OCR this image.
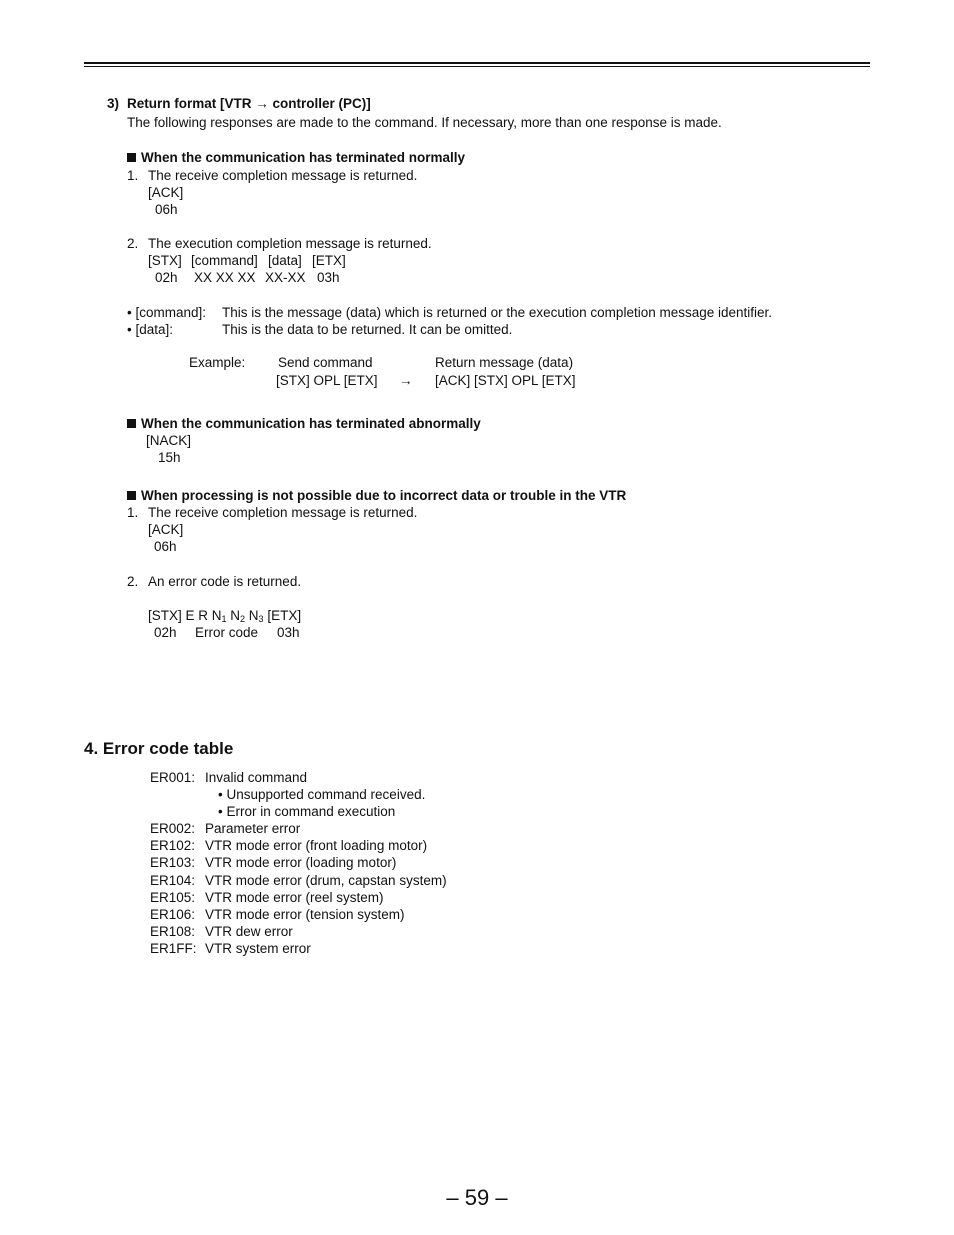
3) Return format [VTR → controller (PC)]
The following responses are made to the command. If necessary, more than one response is made.
When the communication has terminated normally
1. The receive completion message is returned.
[ACK]
06h
2. The execution completion message is returned.
[STX] [command] [data] [ETX]
02h XX XX XX XX-XX 03h
• [command]: This is the message (data) which is returned or the execution completion message identifier.
• [data]:	This is the data to be returned. It can be omitted.
Example: Send command	Return message (data)
[STX] OPL [ETX] → [ACK] [STX] OPL [ETX]
When the communication has terminated abnormally
[NACK]
15h
When processing is not possible due to incorrect data or trouble in the VTR
1. The receive completion message is returned.
[ACK]
06h
2. An error code is returned.
[STX] E R $N_1$ $N_2$ $N_3$ [ETX]
02h Error code 03h
4. Error code table
ER001: Invalid command
• Unsupported command received.
• Error in command execution
ER002: Parameter error
ER102: VTR mode error (front loading motor)
ER103: VTR mode error (loading motor)
ER104: VTR mode error (drum, capstan system)
ER105: VTR mode error (reel system)
ER106: VTR mode error (tension system)
ER108: VTR dew error
ER1FF: VTR system error
– 59 –
